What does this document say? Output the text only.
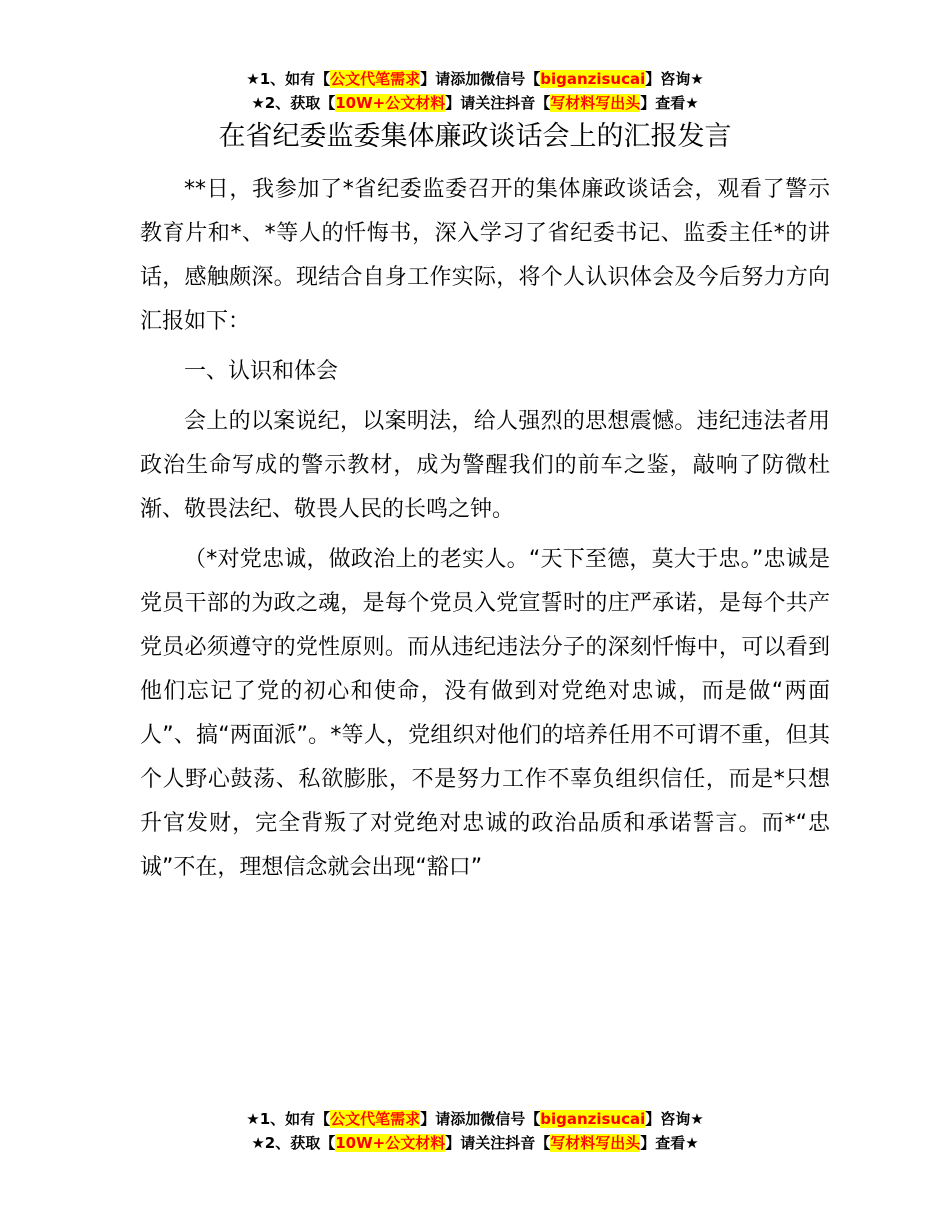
★1、如有【公文代笔需求】请添加微信号【biganzisucai】咨询★
★2、获取【10W+公文材料】请关注抖音【写材料写出头】查看★
在省纪委监委集体廉政谈话会上的汇报发言

**日，我参加了*省纪委监委召开的集体廉政谈话会，观看了警示教育片和*、*等人的忏悔书，深入学习了省纪委书记、监委主任*的讲话，感触颇深。现结合自身工作实际，将个人认识体会及今后努力方向汇报如下：

一、认识和体会

会上的以案说纪，以案明法，给人强烈的思想震憾。违纪违法者用政治生命写成的警示教材，成为警醒我们的前车之鉴，敲响了防微杜渐、敬畏法纪、敬畏人民的长鸣之钟。

（*对党忠诚，做政治上的老实人。“天下至德，莫大于忠。”忠诚是党员干部的为政之魂，是每个党员入党宣誓时的庄严承诺，是每个共产党员必须遵守的党性原则。而从违纪违法分子的深刻忏悔中，可以看到他们忘记了党的初心和使命，没有做到对党绝对忠诚，而是做“两面人”、搞“两面派”。*等人，党组织对他们的培养任用不可谓不重，但其个人野心鼓荡、私欲膨胀，不是努力工作不辜负组织信任，而是*只想升官发财，完全背叛了对党绝对忠诚的政治品质和承诺誓言。而*“忠诚”不在，理想信念就会出现“豁口”

★1、如有【公文代笔需求】请添加微信号【biganzisucai】咨询★
★2、获取【10W+公文材料】请关注抖音【写材料写出头】查看★
